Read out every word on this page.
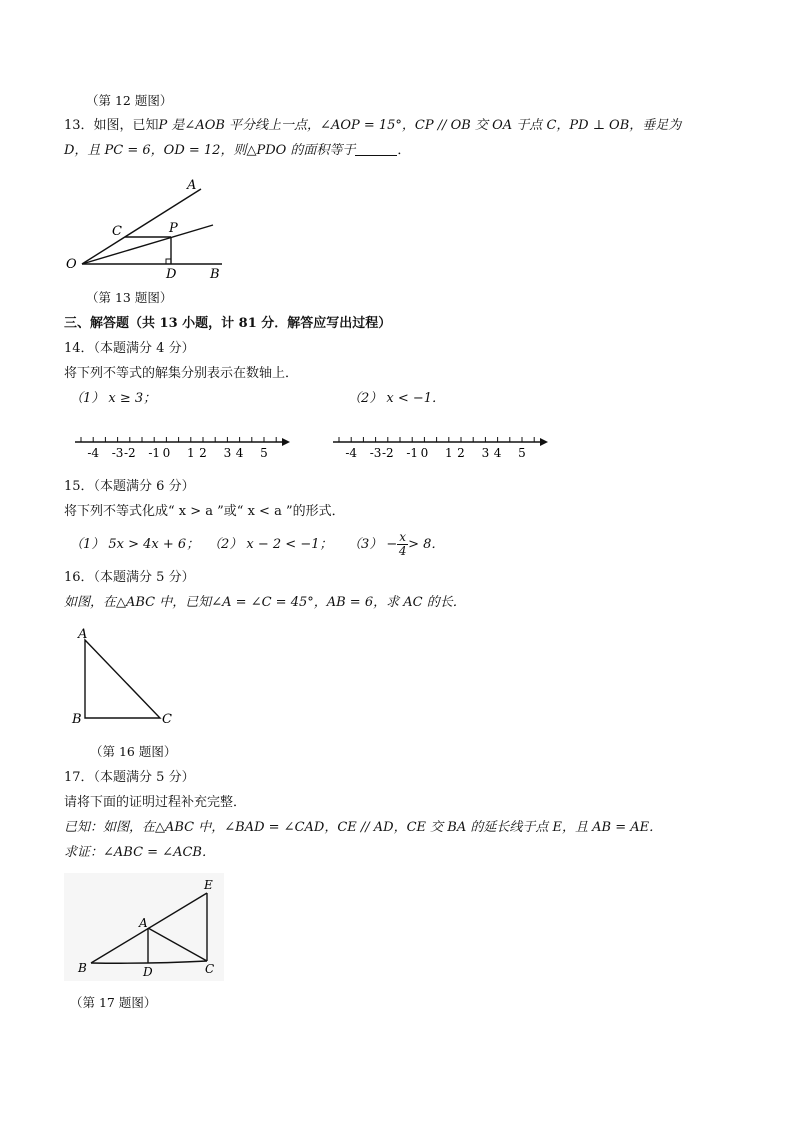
（第 12 题图）
13．如图，已知P 是∠AOB 平分线上一点，∠AOP = 15°，CP // OB 交 OA 于点 C，PD ⊥ OB，垂足为
D，且 PC = 6，OD = 12，则△PDO 的面积等于	．
A
C	P
O
D	B
（第 13 题图）
三、解答题（共 13 小题，计 81 分．解答应写出过程）
14．（本题满分 4 分）
将下列不等式的解集分别表示在数轴上．
（1） x ≥ 3；	（2） x < −1．
-4 -3 -2 -1 0 1 2 3 4 5	-4 -3 -2 -1 0 1 2 3 4 5
15．（本题满分 6 分）
将下列不等式化成“ x > a ”或“ x < a ”的形式．
（1） 5x > 4x + 6； （2） x − 2 < −1； $(3) - \frac{x}{4} > 8$．
16．（本题满分 5 分）
如图，在△ABC 中，已知∠A = ∠C = 45°，AB = 6，求 AC 的长．
A
B	C
（第 16 题图）
17．（本题满分 5 分）
请将下面的证明过程补充完整．
已知：如图，在△ABC 中，∠BAD = ∠CAD，CE // AD，CE 交 BA 的延长线于点 E，且 AB = AE．
求证：∠ABC = ∠ACB．
E
A
B	D	C
（第 17 题图）
